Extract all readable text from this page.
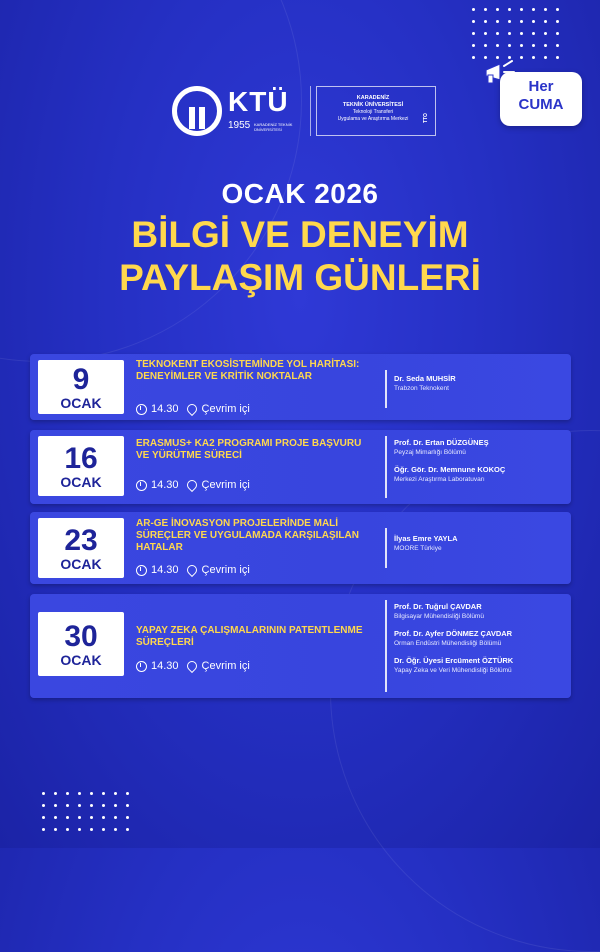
KTÜ
1955 KARADENİZ TEKNİK ÜNİVERSİTESİ
KARADENİZ
TEKNİK ÜNİVERSİTESİ
Teknoloji Transferi
Uygulama ve Araştırma Merkezi	TTO
Her
CUMA
OCAK 2026
BİLGİ VE DENEYİM
PAYLAŞIM GÜNLERİ
9
OCAK
TEKNOKENT EKOSİSTEMİNDE YOL HARİTASI: DENEYİMLER VE KRİTİK NOKTALAR
14.30 Çevrim içi
Dr. Seda MUHSİR
Trabzon Teknokent
16
OCAK
ERASMUS+ KA2 PROGRAMI PROJE BAŞVURU VE YÜRÜTME SÜRECİ
14.30 Çevrim içi
Prof. Dr. Ertan DÜZGÜNEŞ
Peyzaj Mimarlığı Bölümü
Öğr. Gör. Dr. Memnune KOKOÇ
Merkezi Araştırma Laboratuvarı
23
OCAK
AR-GE İNOVASYON PROJELERİNDE MALİ SÜREÇLER VE UYGULAMADA KARŞILAŞILAN HATALAR
14.30 Çevrim içi
İlyas Emre YAYLA
MOORE Türkiye
30
OCAK
YAPAY ZEKA ÇALIŞMALARININ PATENTLENME SÜREÇLERİ
14.30 Çevrim içi
Prof. Dr. Tuğrul ÇAVDAR
Bilgisayar Mühendisliği Bölümü
Prof. Dr. Ayfer DÖNMEZ ÇAVDAR
Orman Endüstri Mühendisliği Bölümü
Dr. Öğr. Üyesi Ercüment ÖZTÜRK
Yapay Zeka ve Veri Mühendisliği Bölümü
